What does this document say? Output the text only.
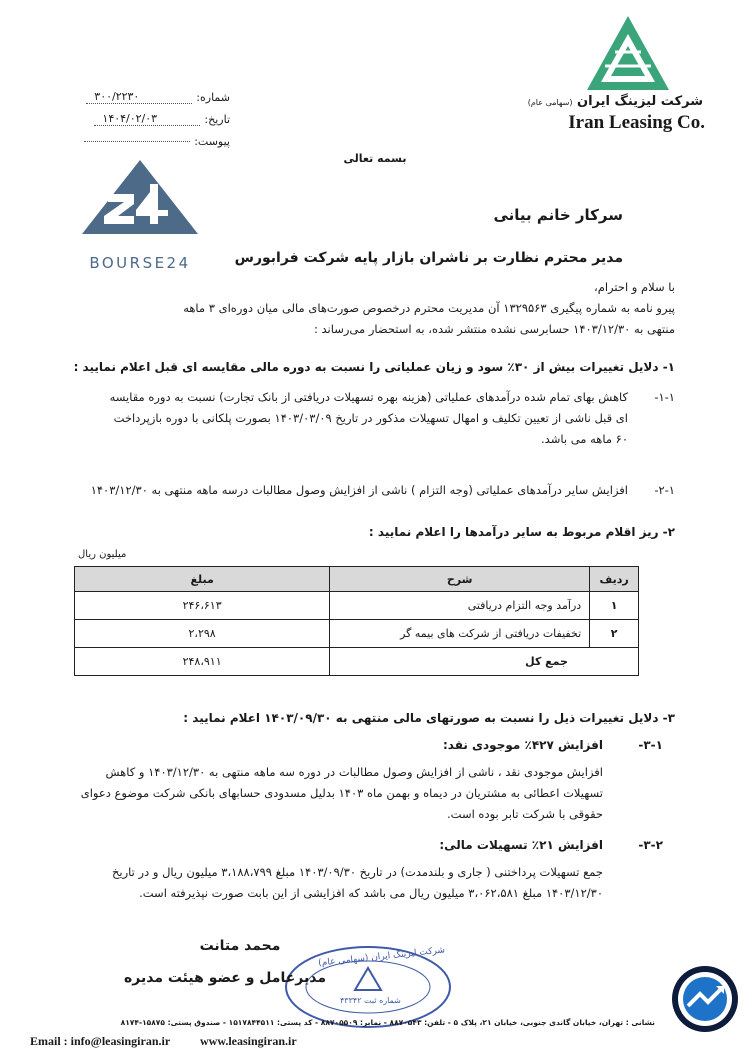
شرکت لیزینگ ایران (سهامی عام)
Iran Leasing Co.
شماره:
۳۰۰/۲۲۳۰
تاریخ:
۱۴۰۴/۰۲/۰۳
پیوست:
بسمه تعالی
BOURSE24
سرکار خانم بیانی
مدیر محترم نظارت بر ناشران بازار پایه شرکت فرابورس
با سلام و احترام،
پیرو نامه به شماره پیگیری ۱۳۲۹۵۶۳ آن مدیریت محترم درخصوص صورت‌های مالی میان دوره‌ای ۳ ماهه
منتهی به ۱۴۰۳/۱۲/۳۰ حسابرسی نشده منتشر شده، به استحضار می‌رساند :
۱- دلایل تغییرات بیش از ۳۰٪ سود و زیان عملیاتی را نسبت به دوره مالی مقایسه ای قبل اعلام نمایید :
۱-۱-
کاهش بهای تمام شده درآمدهای عملیاتی (هزینه بهره تسهیلات دریافتی از بانک تجارت) نسبت به دوره مقایسه
ای قبل ناشی از تعیین تکلیف و امهال تسهیلات مذکور در تاریخ ۱۴۰۳/۰۳/۰۹ بصورت پلکانی با دوره بازپرداخت
۶۰ ماهه می باشد.
۲-۱-
افزایش سایر درآمدهای عملیاتی (وجه التزام ) ناشی از افزایش وصول مطالبات درسه ماهه منتهی به ۱۴۰۳/۱۲/۳۰
۲- ریز اقلام مربوط به سایر درآمدها را اعلام نمایید :
میلیون ریال
ردیف	شرح	مبلغ
۱	درآمد وجه التزام دریافتی	۲۴۶،۶۱۳
۲	تخفیفات دریافتی از شرکت های بیمه گر	۲،۲۹۸
جمع کل		۲۴۸،۹۱۱
۳- دلایل تغییرات ذیل را نسبت به صورتهای مالی منتهی به ۱۴۰۳/۰۹/۳۰ اعلام نمایید :
۳-۱-
افزایش ۴۲۷٪ موجودی نقد:
افزایش موجودی نقد ، ناشی از افزایش وصول مطالبات در دوره سه ماهه منتهی به ۱۴۰۳/۱۲/۳۰ و کاهش
تسهیلات اعطائی به مشتریان در دیماه و بهمن ماه ۱۴۰۳ بدلیل مسدودی حسابهای بانکی شرکت موضوع دعوای
حقوقی با شرکت تابر بوده است.
۳-۲-
افزایش ۲۱٪ تسهیلات مالی:
جمع تسهیلات پرداختنی ( جاری و بلندمدت) در تاریخ ۱۴۰۳/۰۹/۳۰ مبلغ ۳،۱۸۸،۷۹۹ میلیون ریال و در تاریخ
۱۴۰۳/۱۲/۳۰ مبلغ ۳،۰۶۲،۵۸۱ میلیون ریال می باشد که افزایشی از این بابت صورت نپذیرفته است.
شرکت لیزینگ ایران (سهامی عام)
شماره ثبت ۴۳۳۴۲
محمد متانت
مدیرعامل و عضو هیئت مدیره
نشانی : تهران، خیابان گاندی جنوبی، خیابان ۲۱، پلاک ۵ - تلفن: ۸۸۷۰۵۴۳ - نمابر: ۸۸۷۰۵۵۰۹ - کد پستی: ۱۵۱۷۸۴۴۵۱۱ - صندوق پستی: ۱۵۸۷۵-۸۱۷۴
Email : info@leasingiran.ir www.leasingiran.ir
